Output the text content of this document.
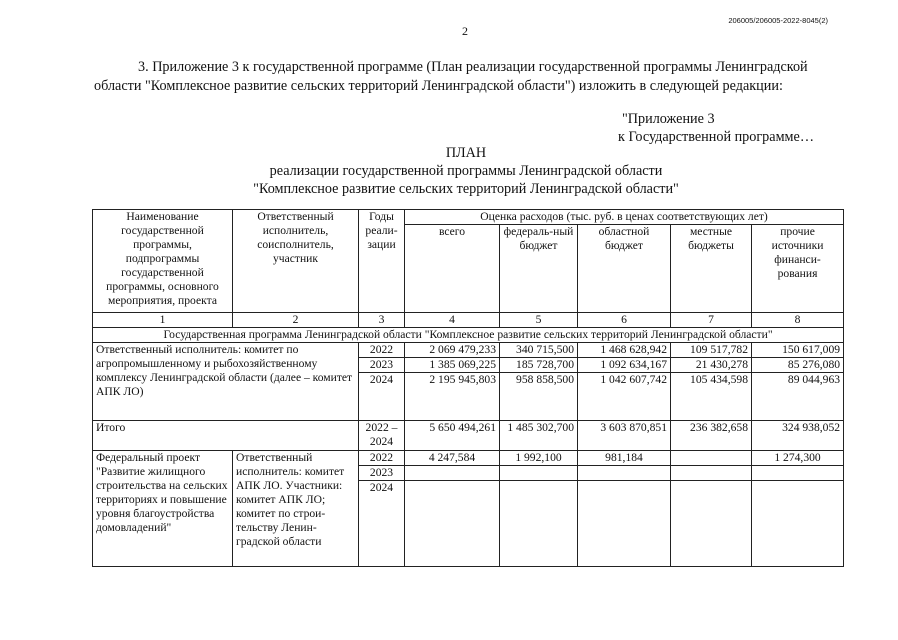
2
206005/206005-2022-8045(2)
3. Приложение 3 к государственной программе (План реализации государственной программы Ленинградской области "Комплексное развитие сельских территорий Ленинградской области") изложить в следующей редакции:
"Приложение 3
к Государственной программе…
ПЛАН
реализации государственной программы Ленинградской области
"Комплексное развитие сельских территорий Ленинградской области"
Наименование государственной программы, подпрограммы государственной программы, основного мероприятия, проекта	Ответственный исполнитель, соисполнитель, участник	Годы реали-зации	Оценка расходов (тыс. руб. в ценах соответствующих лет)				
			всего	федераль-ный бюджет	областной бюджет	местные бюджеты	прочие источники финанси-рования
1	2	3	4	5	6	7	8
Государственная программа Ленинградской области "Комплексное развитие сельских территорий Ленинградской области"							
Ответственный исполнитель: комитет по агропромышленному и рыбохозяйственному комплексу Ленинградской области (далее – комитет АПК ЛО)		2022	2 069 479,233	340 715,500	1 468 628,942	109 517,782	150 617,009
		2023	1 385 069,225	185 728,700	1 092 634,167	21 430,278	85 276,080
		2024	2 195 945,803	958 858,500	1 042 607,742	105 434,598	89 044,963
Итого		2022 – 2024	5 650 494,261	1 485 302,700	3 603 870,851	236 382,658	324 938,052
Федеральный проект "Развитие жилищного строительства на сельских территориях и повышение уровня благоустройства домовладений"	Ответственный исполнитель: комитет АПК ЛО. Участники: комитет АПК ЛО; комитет по строи-тельству Ленин-градской области	2022	4 247,584	1 992,100	981,184		1 274,300
		2023					
		2024					
